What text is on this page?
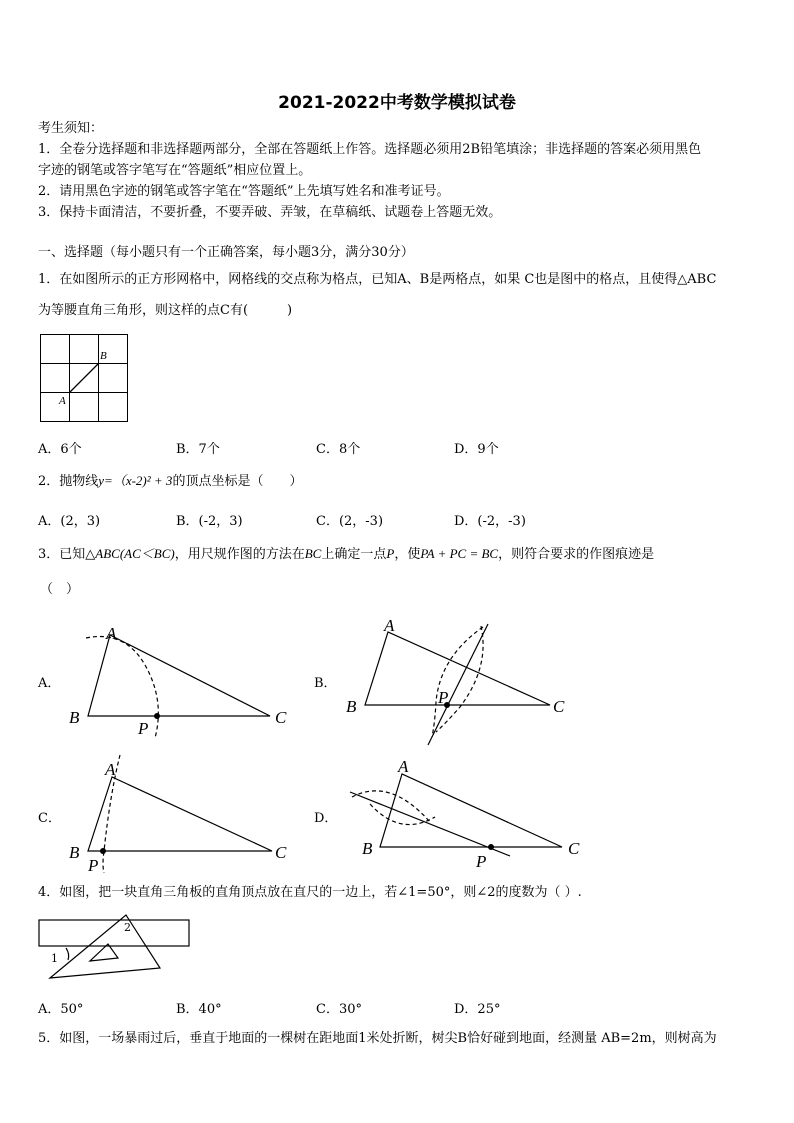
2021-2022中考数学模拟试卷
考生须知：
1．全卷分选择题和非选择题两部分，全部在答题纸上作答。选择题必须用2B铅笔填涂；非选择题的答案必须用黑色
字迹的钢笔或答字笔写在“答题纸”相应位置上。
2．请用黑色字迹的钢笔或答字笔在“答题纸”上先填写姓名和准考证号。
3．保持卡面清洁，不要折叠，不要弄破、弄皱，在草稿纸、试题卷上答题无效。
一、选择题（每小题只有一个正确答案，每小题3分，满分30分）
1．在如图所示的正方形网格中，网格线的交点称为格点，已知A、B是两格点，如果 C也是图中的格点，且使得△ABC
为等腰直角三角形，则这样的点C有(　　　)
A
B
A．6个	B．7个	C．8个	D．9个
2．抛物线y=（x-2)² + 3的顶点坐标是（　　）
A．(2，3)	B．(-2，3)	C．(2，-3)	D．(-2，-3)
3．已知△ABC(AC＜BC)，用尺规作图的方法在BC上确定一点P，使PA + PC = BC，则符合要求的作图痕迹是
（　）
A．
A
B	C
P
B．
A
B	C
P
C．
A
B	C
P
D．
A
B	C
P
4．如图，把一块直角三角板的直角顶点放在直尺的一边上，若∠1=50°，则∠2的度数为（ ）.
1
2
A．50°	B．40°	C．30°	D．25°
5．如图，一场暴雨过后，垂直于地面的一棵树在距地面1米处折断，树尖B恰好碰到地面，经测量 AB=2m，则树高为
